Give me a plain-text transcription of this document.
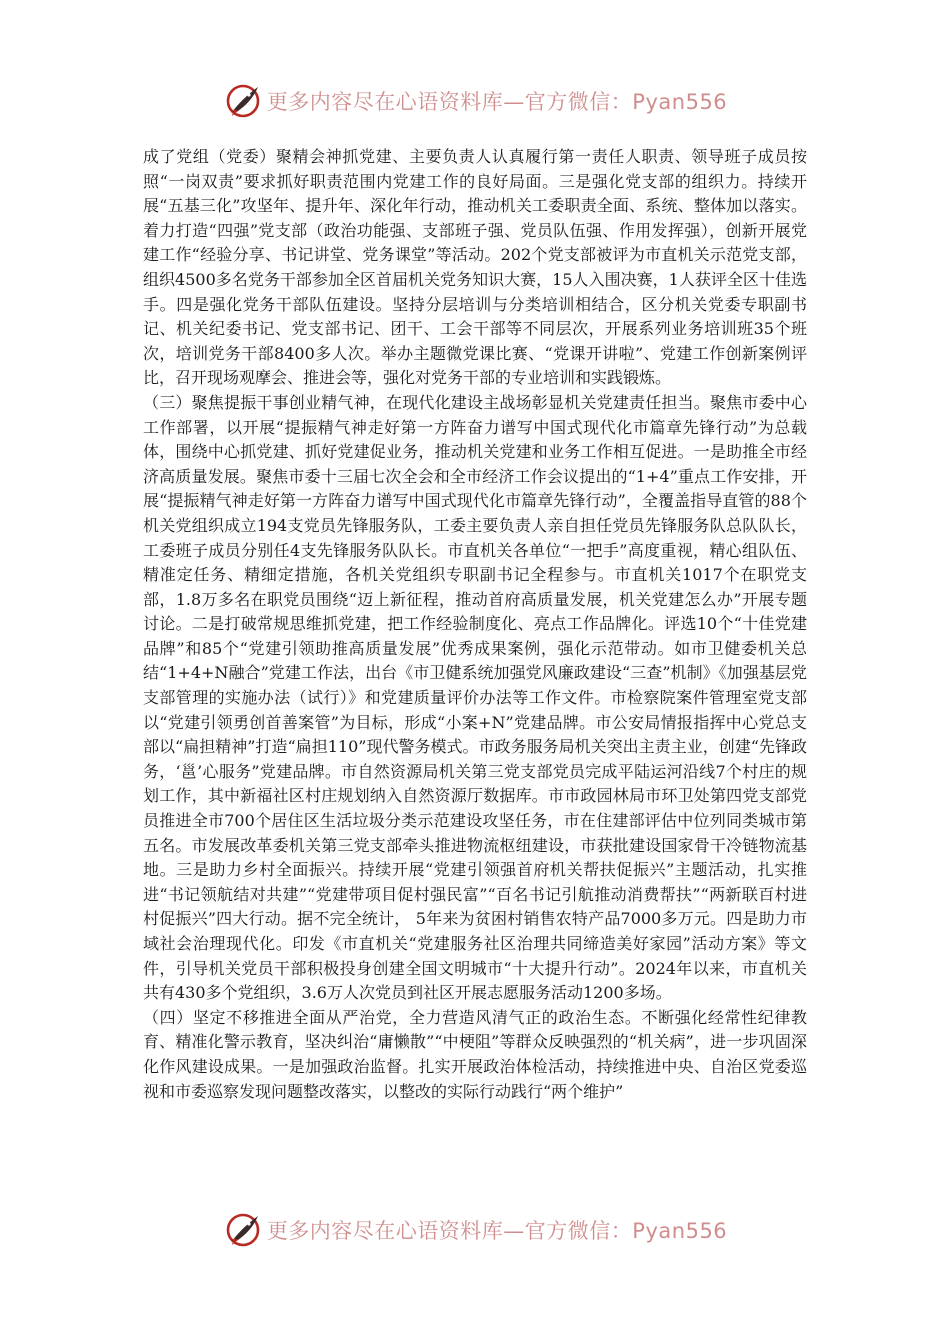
更多内容尽在心语资料库—官方微信：Pyan556

成了党组（党委）聚精会神抓党建、主要负责人认真履行第一责任人职责、领导班子成员按照“一岗双责”要求抓好职责范围内党建工作的良好局面。三是强化党支部的组织力。持续开展“五基三化”攻坚年、提升年、深化年行动，推动机关工委职责全面、系统、整体加以落实。着力打造“四强”党支部（政治功能强、支部班子强、党员队伍强、作用发挥强），创新开展党建工作“经验分享、书记讲堂、党务课堂”等活动。202个党支部被评为市直机关示范党支部，组织4500多名党务干部参加全区首届机关党务知识大赛，15人入围决赛，1人获评全区十佳选手。四是强化党务干部队伍建设。坚持分层培训与分类培训相结合，区分机关党委专职副书记、机关纪委书记、党支部书记、团干、工会干部等不同层次，开展系列业务培训班35个班次，培训党务干部8400多人次。举办主题微党课比赛、“党课开讲啦”、党建工作创新案例评比，召开现场观摩会、推进会等，强化对党务干部的专业培训和实践锻炼。

（三）聚焦提振干事创业精气神，在现代化建设主战场彰显机关党建责任担当。聚焦市委中心工作部署，以开展“提振精气神走好第一方阵奋力谱写中国式现代化市篇章先锋行动”为总载体，围绕中心抓党建、抓好党建促业务，推动机关党建和业务工作相互促进。一是助推全市经济高质量发展。聚焦市委十三届七次全会和全市经济工作会议提出的“1+4”重点工作安排，开展“提振精气神走好第一方阵奋力谱写中国式现代化市篇章先锋行动”，全覆盖指导直管的88个机关党组织成立194支党员先锋服务队，工委主要负责人亲自担任党员先锋服务队总队队长，工委班子成员分别任4支先锋服务队队长。市直机关各单位“一把手”高度重视，精心组队伍、精准定任务、精细定措施，各机关党组织专职副书记全程参与。市直机关1017个在职党支部，1.8万多名在职党员围绕“迈上新征程，推动首府高质量发展，机关党建怎么办”开展专题讨论。二是打破常规思维抓党建，把工作经验制度化、亮点工作品牌化。评选10个“十佳党建品牌”和85个“党建引领助推高质量发展”优秀成果案例，强化示范带动。如市卫健委机关总结“1+4+N融合”党建工作法，出台《市卫健系统加强党风廉政建设“三查”机制》《加强基层党支部管理的实施办法（试行）》和党建质量评价办法等工作文件。市检察院案件管理室党支部以“党建引领勇创首善案管”为目标，形成“小案+N”党建品牌。市公安局情报指挥中心党总支部以“扁担精神”打造“扁担110”现代警务模式。市政务服务局机关突出主责主业，创建“先锋政务，‘邕’心服务”党建品牌。市自然资源局机关第三党支部党员完成平陆运河沿线7个村庄的规划工作，其中新福社区村庄规划纳入自然资源厅数据库。市市政园林局市环卫处第四党支部党员推进全市700个居住区生活垃圾分类示范建设攻坚任务，市在住建部评估中位列同类城市第五名。市发展改革委机关第三党支部牵头推进物流枢纽建设，市获批建设国家骨干冷链物流基地。三是助力乡村全面振兴。持续开展“党建引领强首府机关帮扶促振兴”主题活动，扎实推进“书记领航结对共建”“党建带项目促村强民富”“百名书记引航推动消费帮扶”“两新联百村进村促振兴”四大行动。据不完全统计， 5年来为贫困村销售农特产品7000多万元。四是助力市域社会治理现代化。印发《市直机关“党建服务社区治理共同缔造美好家园”活动方案》等文件，引导机关党员干部积极投身创建全国文明城市“十大提升行动”。2024年以来，市直机关共有430多个党组织，3.6万人次党员到社区开展志愿服务活动1200多场。

（四）坚定不移推进全面从严治党，全力营造风清气正的政治生态。不断强化经常性纪律教育、精准化警示教育，坚决纠治“庸懒散”“中梗阻”等群众反映强烈的“机关病”，进一步巩固深化作风建设成果。一是加强政治监督。扎实开展政治体检活动，持续推进中央、自治区党委巡视和市委巡察发现问题整改落实，以整改的实际行动践行“两个维护”

更多内容尽在心语资料库—官方微信：Pyan556
